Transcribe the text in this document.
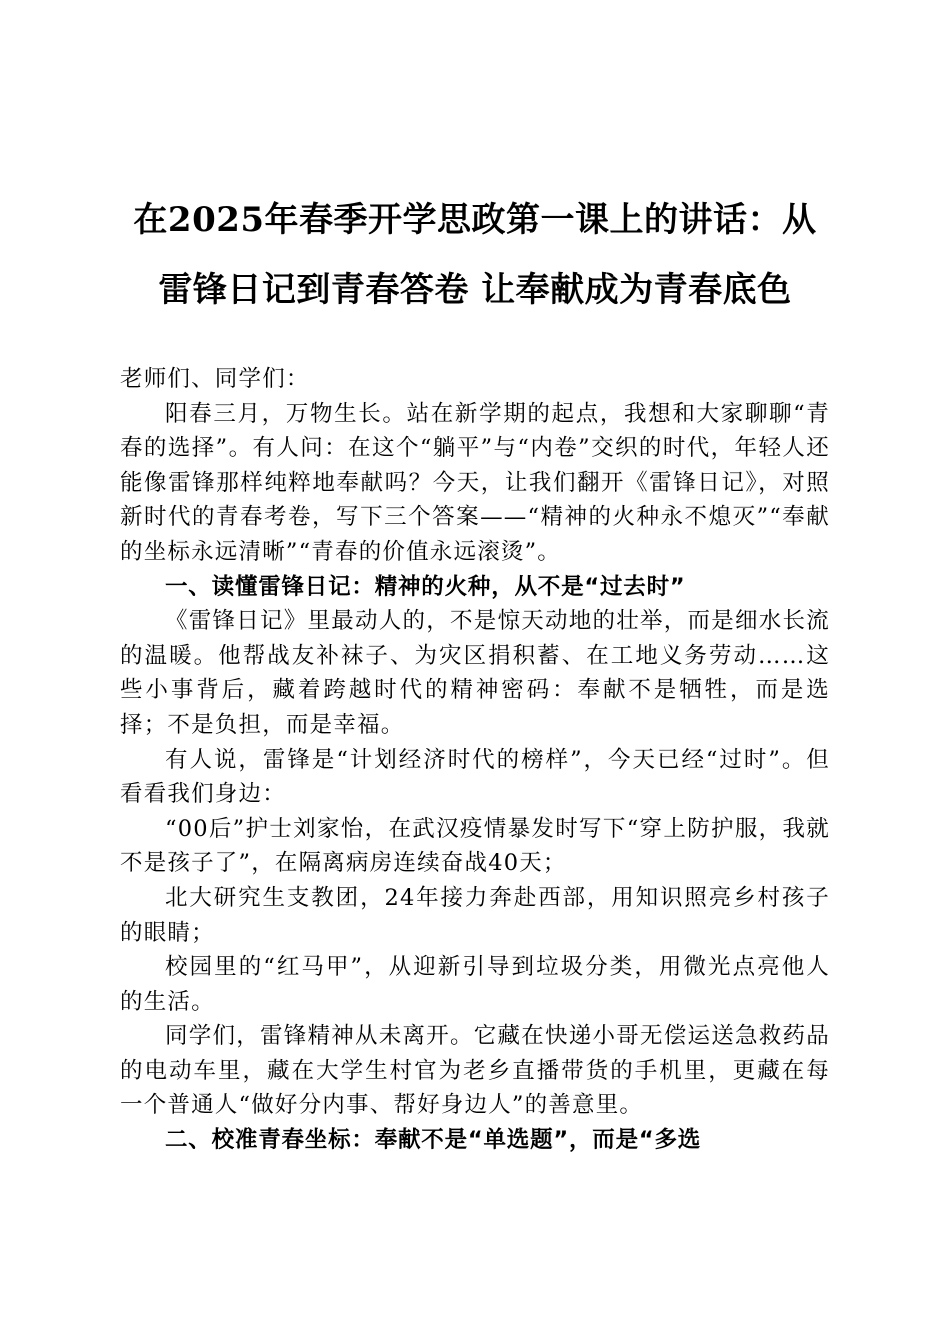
在2025年春季开学思政第一课上的讲话：从
雷锋日记到青春答卷 让奉献成为青春底色

老师们、同学们：

阳春三月，万物生长。站在新学期的起点，我想和大家聊聊“青春的选择”。有人问：在这个“躺平”与“内卷”交织的时代，年轻人还能像雷锋那样纯粹地奉献吗？今天，让我们翻开《雷锋日记》，对照新时代的青春考卷，写下三个答案——“精神的火种永不熄灭”“奉献的坐标永远清晰”“青春的价值永远滚烫”。

一、读懂雷锋日记：精神的火种，从不是“过去时”

《雷锋日记》里最动人的，不是惊天动地的壮举，而是细水长流的温暖。他帮战友补袜子、为灾区捐积蓄、在工地义务劳动……这些小事背后，藏着跨越时代的精神密码：奉献不是牺牲，而是选择；不是负担，而是幸福。

有人说，雷锋是“计划经济时代的榜样”，今天已经“过时”。但看看我们身边：

“00后”护士刘家怡，在武汉疫情暴发时写下“穿上防护服，我就不是孩子了”，在隔离病房连续奋战40天；

北大研究生支教团，24年接力奔赴西部，用知识照亮乡村孩子的眼睛；

校园里的“红马甲”，从迎新引导到垃圾分类，用微光点亮他人的生活。

同学们，雷锋精神从未离开。它藏在快递小哥无偿运送急救药品的电动车里，藏在大学生村官为老乡直播带货的手机里，更藏在每一个普通人“做好分内事、帮好身边人”的善意里。

二、校准青春坐标：奉献不是“单选题”，而是“多选
